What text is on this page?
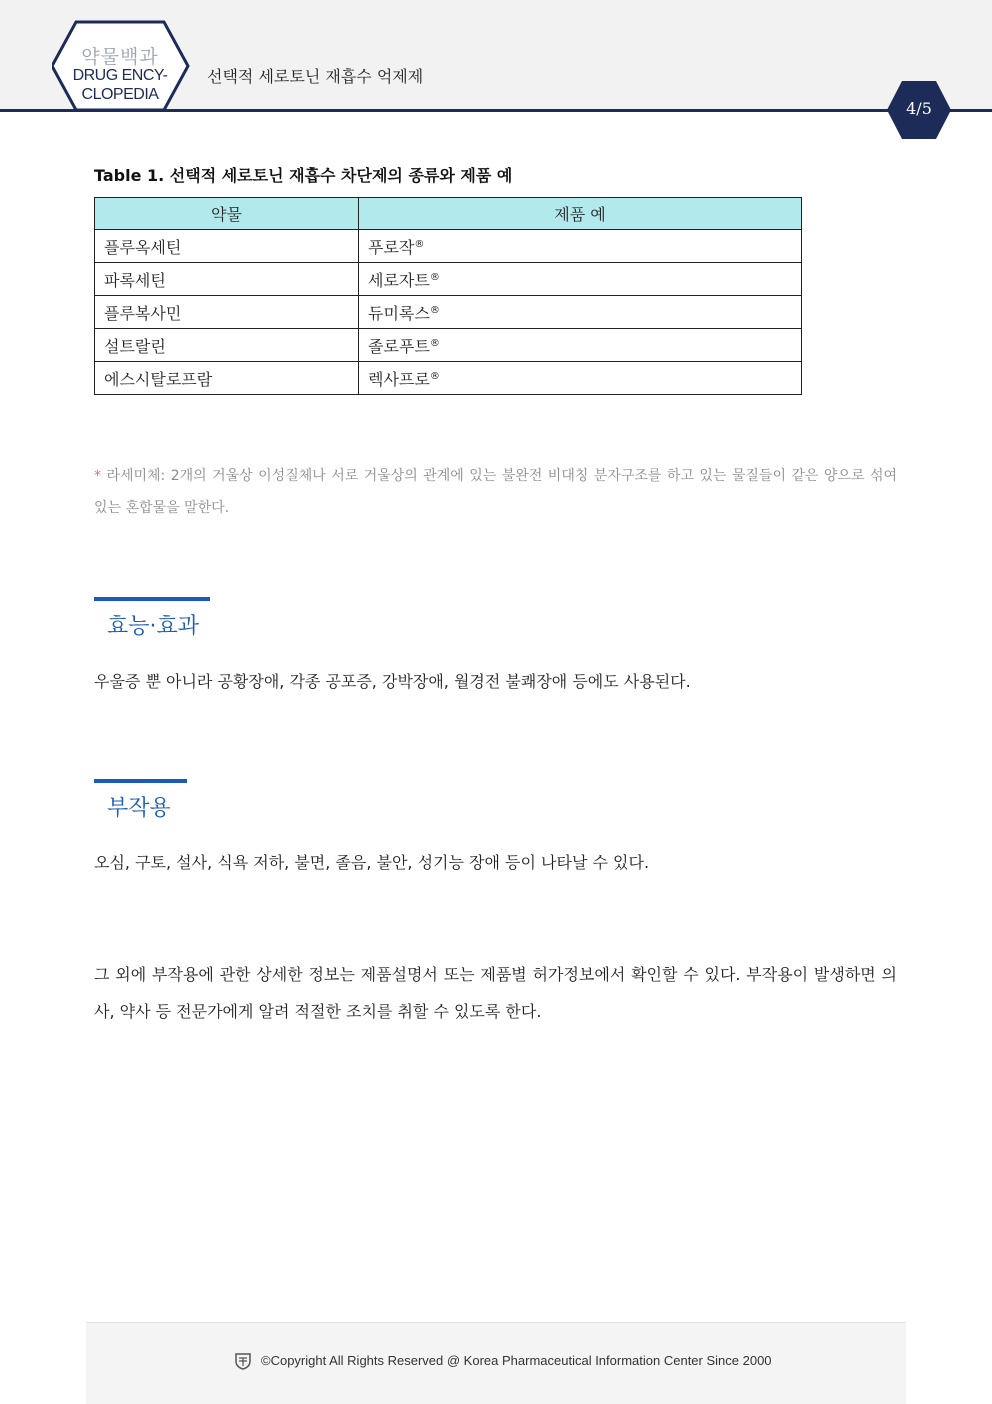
약물백과
DRUG ENCY-
CLOPEDIA
선택적 세로토닌 재흡수 억제제
4/5
Table 1. 선택적 세로토닌 재흡수 차단제의 종류와 제품 예
약물	제품 예
플루옥세틴	푸로작®
파록세틴	세로자트®
플루복사민	듀미록스®
설트랄린	졸로푸트®
에스시탈로프람	렉사프로®
* 라세미체: 2개의 거울상 이성질체나 서로 거울상의 관계에 있는 불완전 비대칭 분자구조를 하고 있는 물질들이 같은 양으로 섞여 있는 혼합물을 말한다.
효능·효과
우울증 뿐 아니라 공황장애, 각종 공포증, 강박장애, 월경전 불쾌장애 등에도 사용된다.
부작용
오심, 구토, 설사, 식욕 저하, 불면, 졸음, 불안, 성기능 장애 등이 나타날 수 있다.
그 외에 부작용에 관한 상세한 정보는 제품설명서 또는 제품별 허가정보에서 확인할 수 있다. 부작용이 발생하면 의사, 약사 등 전문가에게 알려 적절한 조치를 취할 수 있도록 한다.
©Copyright All Rights Reserved @ Korea Pharmaceutical Information Center Since 2000
